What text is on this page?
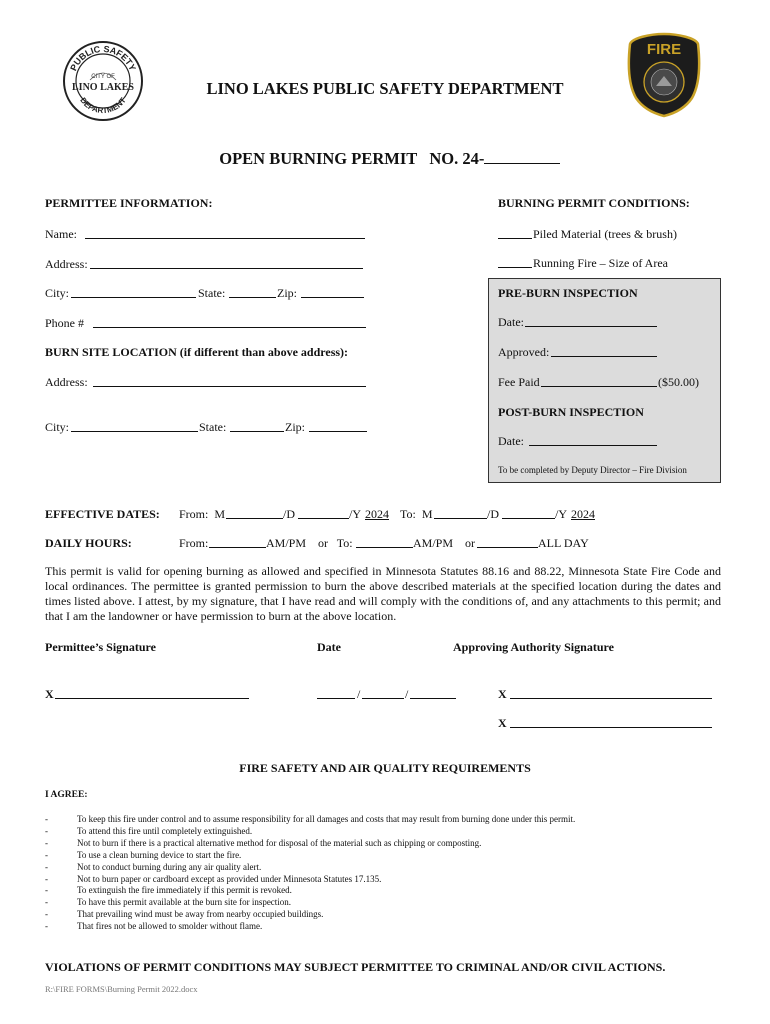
PUBLIC SAFETY
DEPARTMENT
CITY OF
LINO LAKES
FIRE
LINO LAKES PUBLIC SAFETY DEPARTMENT

OPEN BURNING PERMIT   NO. 24-

PERMITTEE INFORMATION:
Name:
Address:
City:	State:	Zip:
Phone #
BURN SITE LOCATION (if different than above address):
Address:
City:	State:	Zip:
BURNING PERMIT CONDITIONS:
Piled Material (trees & brush)
Running Fire – Size of Area
PRE-BURN INSPECTION
Date:
Approved:
Fee Paid	($50.00)
POST-BURN INSPECTION
Date:
To be completed by Deputy Director – Fire Division
EFFECTIVE DATES: From:  M	/D	/Y 2024 To:  M	/D	/Y 2024
DAILY HOURS:	From:	AM/PM or   To:	AM/PM or	ALL DAY
This permit is valid for opening burning as allowed and specified in Minnesota Statutes 88.16 and 88.22, Minnesota State Fire Code and local ordinances. The permittee is granted permission to burn the above described materials at the specified location during the dates and times listed above. I attest, by my signature, that I have read and will comply with the conditions of, and any attachments to this permit; and that I am the landowner or have permission to burn at the above location.
Permittee’s Signature	Date	Approving Authority Signature
X	/	/	X
X
FIRE SAFETY AND AIR QUALITY REQUIREMENTS
I AGREE:
-	To keep this fire under control and to assume responsibility for all damages and costs that may result from burning done under this permit.
-	To attend this fire until completely extinguished.
-	Not to burn if there is a practical alternative method for disposal of the material such as chipping or composting.
-	To use a clean burning device to start the fire.
-	Not to conduct burning during any air quality alert.
-	Not to burn paper or cardboard except as provided under Minnesota Statutes 17.135.
-	To extinguish the fire immediately if this permit is revoked.
-	To have this permit available at the burn site for inspection.
-	That prevailing wind must be away from nearby occupied buildings.
-	That fires not be allowed to smolder without flame.
VIOLATIONS OF PERMIT CONDITIONS MAY SUBJECT PERMITTEE TO CRIMINAL AND/OR CIVIL ACTIONS.
R:\FIRE FORMS\Burning Permit 2022.docx
